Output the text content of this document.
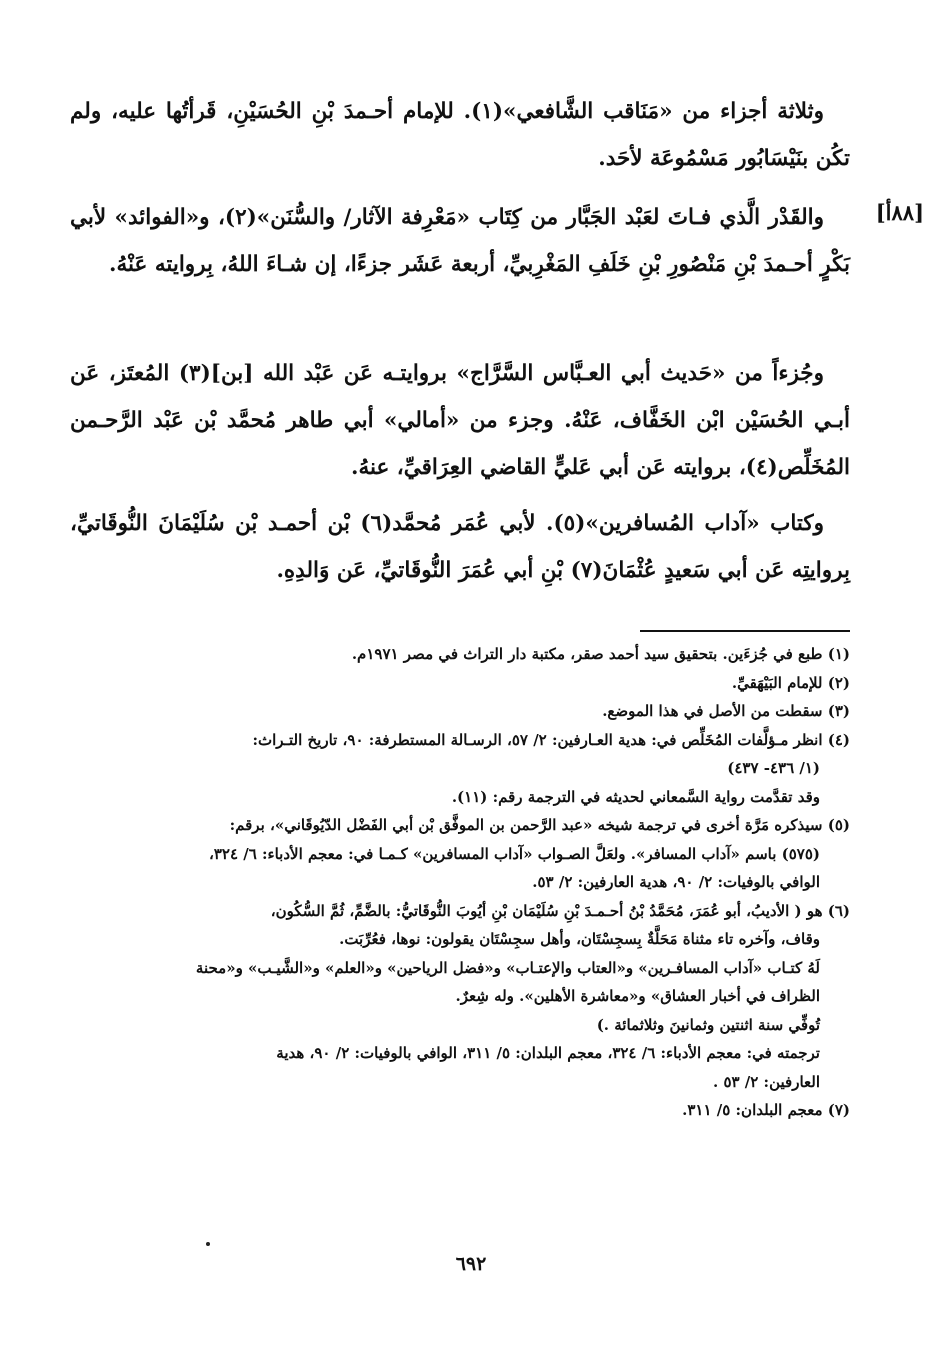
[٨٨أ]

وثلاثة أجزاء من «مَنَاقب الشَّافعي»(١). للإمام أحـمدَ بْنِ الحُسَيْنِ، قَرأتُها عليه، ولم تكُن بنَيْسَابُور مَسْمُوعَة لأحَد.

والقَدْر الَّذي فـاتَ لعَبْد الجَبَّار من كِتَاب «مَعْرِفة الآثار/ والسُّنَن»(٢)، و«الفوائد» لأبي بَكْرٍ أحـمدَ بْنِ مَنْصُورِ بْنِ خَلَفِ المَغْرِبيِّ، أربعة عَشَر جزءًا، إن شـاءَ اللهُ، بِروايته عَنْهُ.

وجُزءاً من «حَديث أبي العـبَّاس السَّرَّاج» بروايتـه عَن عَبْد الله [بن](٣) المُعتَز، عَن أبـي الحُسَيْن ابْن الخَفَّاف، عَنْهُ. وجزء من «أمالي» أبي طاهر مُحمَّد بْن عَبْد الرَّحـمن المُخَلِّص(٤)، بروايته عَن أبي عَليٍّ القاضي العِرَاقيِّ، عنهُ.

وكتاب «آداب المُسافرين»(٥). لأبي عُمَر مُحمَّد(٦) بْن أحمـد بْن سُلَيْمَانَ النُّوقَاتيِّ، بِروايتِه عَن أبي سَعيدٍ عُثْمَانَ(٧) بْنِ أبي عُمَرَ النُّوقَاتيِّ، عَن وَالدِهِ.

(١) طبع في جُزءَين. بتحقيق سيد أحمد صقر، مكتبة دار التراث في مصر ١٩٧١م.
(٢) للإمام البَيْهَقيِّ.
(٣) سقطت من الأصل في هذا الموضع.
(٤) انظر مـؤلَّفات المُخَلِّص في: هدية العـارفين: ٢/ ٥٧، الرسـالة المستطرفة: ٩٠، تاريخ التـراث:
(١/ ٤٣٦- ٤٣٧)
وقد تقدَّمت رواية السَّمعاني لحديثه في الترجمة رقم: (١١).
(٥) سيذكره مَرَّة أخرى في ترجمة شيخه «عبد الرَّحمن بن الموفَّق بْن أبي الفَضْل الدّيُوقَاني»، برقم:
(٥٧٥) باسم «آداب المسافر». ولعَلَّ الصـواب «آداب المسافرين» كـمـا في: معجم الأدباء: ٦/ ٣٢٤،
الوافي بالوفيات: ٢/ ٩٠، هدية العارفين: ٢/ ٥٣.
(٦) هو ( الأديبُ، أبو عُمَرَ، مُحَمَّدُ بْنُ أحـمـدَ بْنِ سُلَيْمَان بْنِ أيُوبَ النُّوقَاتيُّ: بالضَّمِّ، ثُمَّ السُّكُون،
وقاف، وآخره تاء مثناة مَحَلَّةٌ بِسجِسْتَان، وأهل سجِسْتَان يقولون: نوها، فعُرِّبَت.
لَهُ كتـاب «آداب المسافـرين» و«العتاب والإعتـاب» و«فضل الرياحين» و«العلم» و«الشَّيـب» و«محنة
الظراف في أخبار العشاق» و«معاشرة الأهلين». وله شِعرٌ.
تُوفِّي سنة اثنتين وثمانينَ وثلاثمائة .)
ترجمته في: معجم الأدباء: ٦/ ٣٢٤، معجم البلدان: ٥/ ٣١١، الوافي بالوفيات: ٢/ ٩٠، هدية
العارفين: ٢/ ٥٣ .
(٧) معجم البلدان: ٥/ ٣١١.
٦٩٢
